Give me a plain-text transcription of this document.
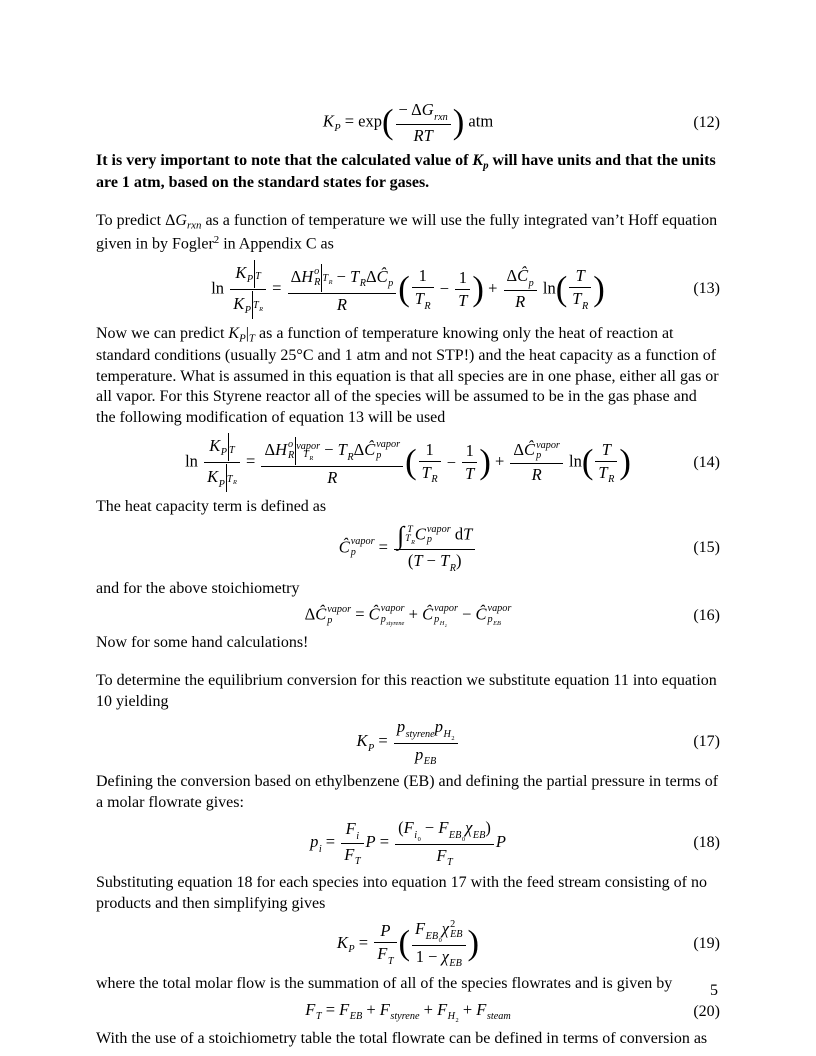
$K_P = \exp$ ( $\frac{- \Delta G_{rxn}}{RT}$ ) atm	(12)

It is very important to note that the calculated value of $K_p$ will have units and that the units are 1 atm, based on the standard states for gases.

To predict $\Delta G_{rxn}$ as a function of temperature we will use the fully integrated van’t Hoff equation given in by Fogler$^2$ in Appendix C as

$\ln \frac{K_P T}{K_P T_R} = \Delta H$ o
R $T_R$ − $T_R\Delta Ĉ_p$
R ( $\frac{1}{T_R} - \frac{1}{T}$ ) + $\frac{\Delta Ĉ_p}{R}$ ln ( $\frac{T}{T_R}$ )	(13)

Now we can predict $K_P|_T$ as a function of temperature knowing only the heat of reaction at standard conditions (usually 25°C and 1 atm and not STP!) and the heat capacity as a function of temperature. What is assumed in this equation is that all species are in one phase, either all gas or all vapor. For this Styrene reactor all of the species will be assumed to be in the gas phase and the following modification of equation 13 will be used

$\ln \frac{K_P T}{K_P T_R} = \Delta H$ o
R
vapor
$T_R$ − $T_R\Delta Ĉ$ vapor
p
R ( $\frac{1}{T_R} - \frac{1}{T}$ ) + ΔĈ vapor
p
R ln ( $\frac{T}{T_R}$ )	(14)

The heat capacity term is defined as

Ĉ vapor
p = ∫ T
$T_R$ C vapor
p dT
$(T - T_R)$	(15)

and for the above stoichiometry

ΔĈ vapor
p = Ĉ vapor
$p_{styrene}$ + Ĉ vapor
$p_{H_2}$
− Ĉ vapor
$p_{EB}$	(16)

Now for some hand calculations!

To determine the equilibrium conversion for this reaction we substitute equation 11 into equation 10 yielding

$K_P = \frac{p_{styrene}p_{H_2}}{p_{EB}}$	(17)

Defining the conversion based on ethylbenzene (EB) and defining the partial pressure in terms of a molar flowrate gives:

$p_i = \frac{F_i}{F_T}$ $P = \frac{(F_{i_0} - F_{EB_0}\chi_{EB})}{F_T}$ P	(18)

Substituting equation 18 for each species into equation 17 with the feed stream consisting of no products and then simplifying gives

$K_P = \frac{P}{F_T}$ ( $F_{EB_0}\chi$ 2
EB
$1 - \chi_{EB}$ )	(19)

where the total molar flow is the summation of all of the species flowrates and is given by

$F_T = F_{EB} + F_{styrene} + F_{H_2} + F_{steam}$	(20)

With the use of a stoichiometry table the total flowrate can be defined in terms of conversion as

5
